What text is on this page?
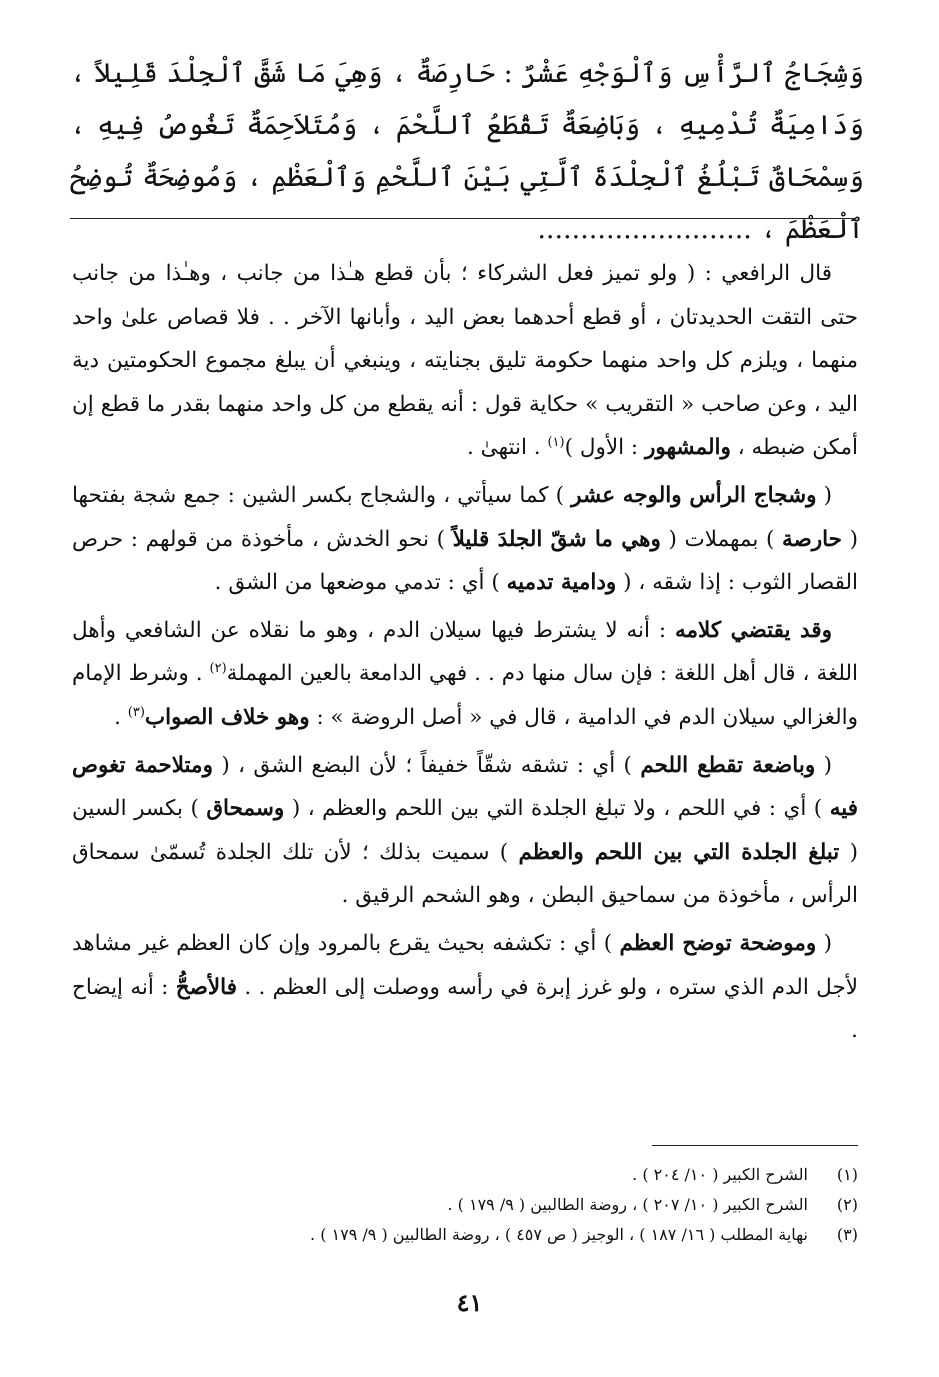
وَشِجَاجُ ٱلرَّأْسِ وَٱلْوَجْهِ عَشْرٌ : حَارِصَةٌ ، وَهِيَ مَا شَقَّ ٱلْجِلْدَ قَلِيلاً ، وَدَامِيَةٌ تُدْمِيهِ ، وَبَاضِعَةٌ تَقْطَعُ ٱللَّحْمَ ، وَمُتَلاَحِمَةٌ تَغُوصُ فِيهِ ، وَسِمْحَاقٌ تَبْلُغُ ٱلْجِلْدَةَ ٱلَّتِي بَيْنَ ٱللَّحْمِ وَٱلْعَظْمِ ، وَمُوضِحَةٌ تُوضِحُ ٱلْعَظْمَ ، .........................

قال الرافعي : ( ولو تميز فعل الشركاء ؛ بأن قطع هـٰذا من جانب ، وهـٰذا من جانب حتى التقت الحديدتان ، أو قطع أحدهما بعض اليد ، وأبانها الآخر . . فلا قصاص علىٰ واحد منهما ، ويلزم كل واحد منهما حكومة تليق بجنايته ، وينبغي أن يبلغ مجموع الحكومتين دية اليد ، وعن صاحب « التقريب » حكاية قول : أنه يقطع من كل واحد منهما بقدر ما قطع إن أمكن ضبطه ، والمشهور : الأول )$^{(١)}$ . انتهىٰ .

( وشجاج الرأس والوجه عشر ) كما سيأتي ، والشجاج بكسر الشين : جمع شجة بفتحها ( حارصة ) بمهملات ( وهي ما شقّ الجلدَ قليلاً ) نحو الخدش ، مأخوذة من قولهم : حرص القصار الثوب : إذا شقه ، ( ودامية تدميه ) أي : تدمي موضعها من الشق .

وقد يقتضي كلامه : أنه لا يشترط فيها سيلان الدم ، وهو ما نقلاه عن الشافعي وأهل اللغة ، قال أهل اللغة : فإن سال منها دم . . فهي الدامعة بالعين المهملة$^{(٢)}$ . وشرط الإمام والغزالي سيلان الدم في الدامية ، قال في « أصل الروضة » : وهو خلاف الصواب$^{(٣)}$ .

( وباضعة تقطع اللحم ) أي : تشقه شقّاً خفيفاً ؛ لأن البضع الشق ، ( ومتلاحمة تغوص فيه ) أي : في اللحم ، ولا تبلغ الجلدة التي بين اللحم والعظم ، ( وسمحاق ) بكسر السين ( تبلغ الجلدة التي بين اللحم والعظم ) سميت بذلك ؛ لأن تلك الجلدة تُسمّىٰ سمحاق الرأس ، مأخوذة من سماحيق البطن ، وهو الشحم الرقيق .

( وموضحة توضح العظم ) أي : تكشفه بحيث يقرع بالمرود وإن كان العظم غير مشاهد لأجل الدم الذي ستره ، ولو غرز إبرة في رأسه ووصلت إلى العظم . . فالأصحُّ : أنه إيضاح .

(١)
الشرح الكبير ( ١٠/ ٢٠٤ ) .
(٢)
الشرح الكبير ( ١٠/ ٢٠٧ ) ، روضة الطالبين ( ٩/ ١٧٩ ) .
(٣)
نهاية المطلب ( ١٦/ ١٨٧ ) ، الوجيز ( ص ٤٥٧ ) ، روضة الطالبين ( ٩/ ١٧٩ ) .
٤١
